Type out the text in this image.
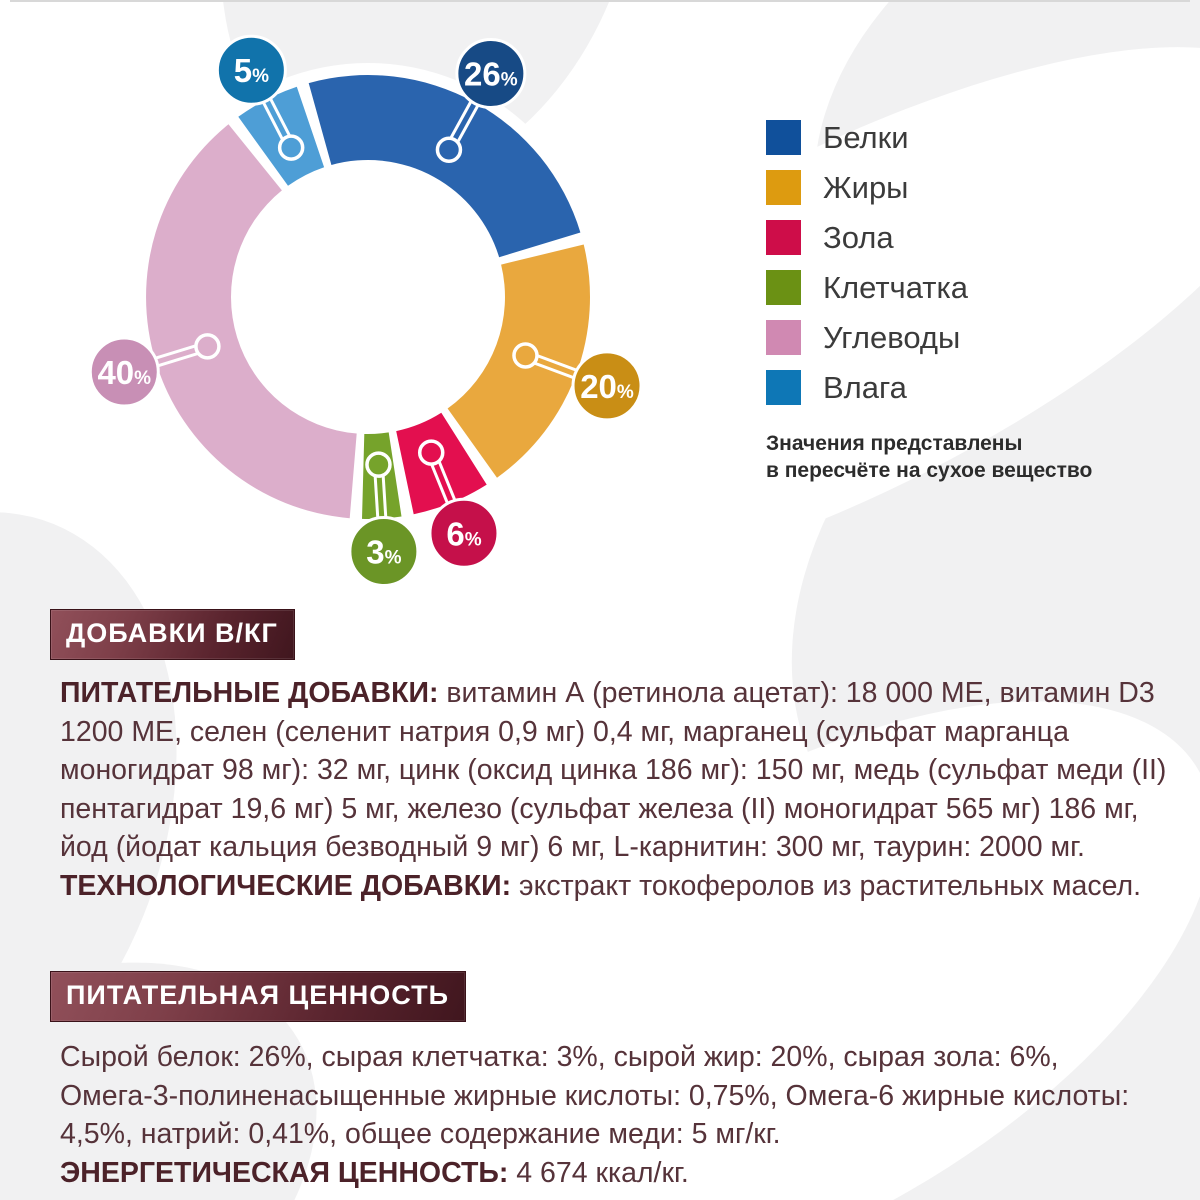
26%
20%
6%
3%
40%
5%
Белки
Жиры
Зола
Клетчатка
Углеводы
Влага
Значения представлены
в пересчёте на сухое вещество
ДОБАВКИ В/КГ

ПИТАТЕЛЬНЫЕ ДОБАВКИ: витамин А (ретинола ацетат): 18 000 МЕ, витамин D3 1200 МЕ, селен (селенит натрия 0,9 мг) 0,4 мг, марганец (сульфат марганца моногидрат 98 мг): 32 мг, цинк (оксид цинка 186 мг): 150 мг, медь (сульфат меди (II) пентагидрат 19,6 мг) 5 мг, железо (сульфат железа (II) моногидрат 565 мг) 186 мг, йод (йодат кальция безводный 9 мг) 6 мг, L-карнитин: 300 мг, таурин: 2000 мг.

ТЕХНОЛОГИЧЕСКИЕ ДОБАВКИ: экстракт токоферолов из растительных масел.

ПИТАТЕЛЬНАЯ ЦЕННОСТЬ

Сырой белок: 26%, сырая клетчатка: 3%, сырой жир: 20%, сырая зола: 6%, Омега-3-полиненасыщенные жирные кислоты: 0,75%, Омега-6 жирные кислоты: 4,5%, натрий: 0,41%, общее содержание меди: 5 мг/кг.

ЭНЕРГЕТИЧЕСКАЯ ЦЕННОСТЬ: 4 674 ккал/кг.
